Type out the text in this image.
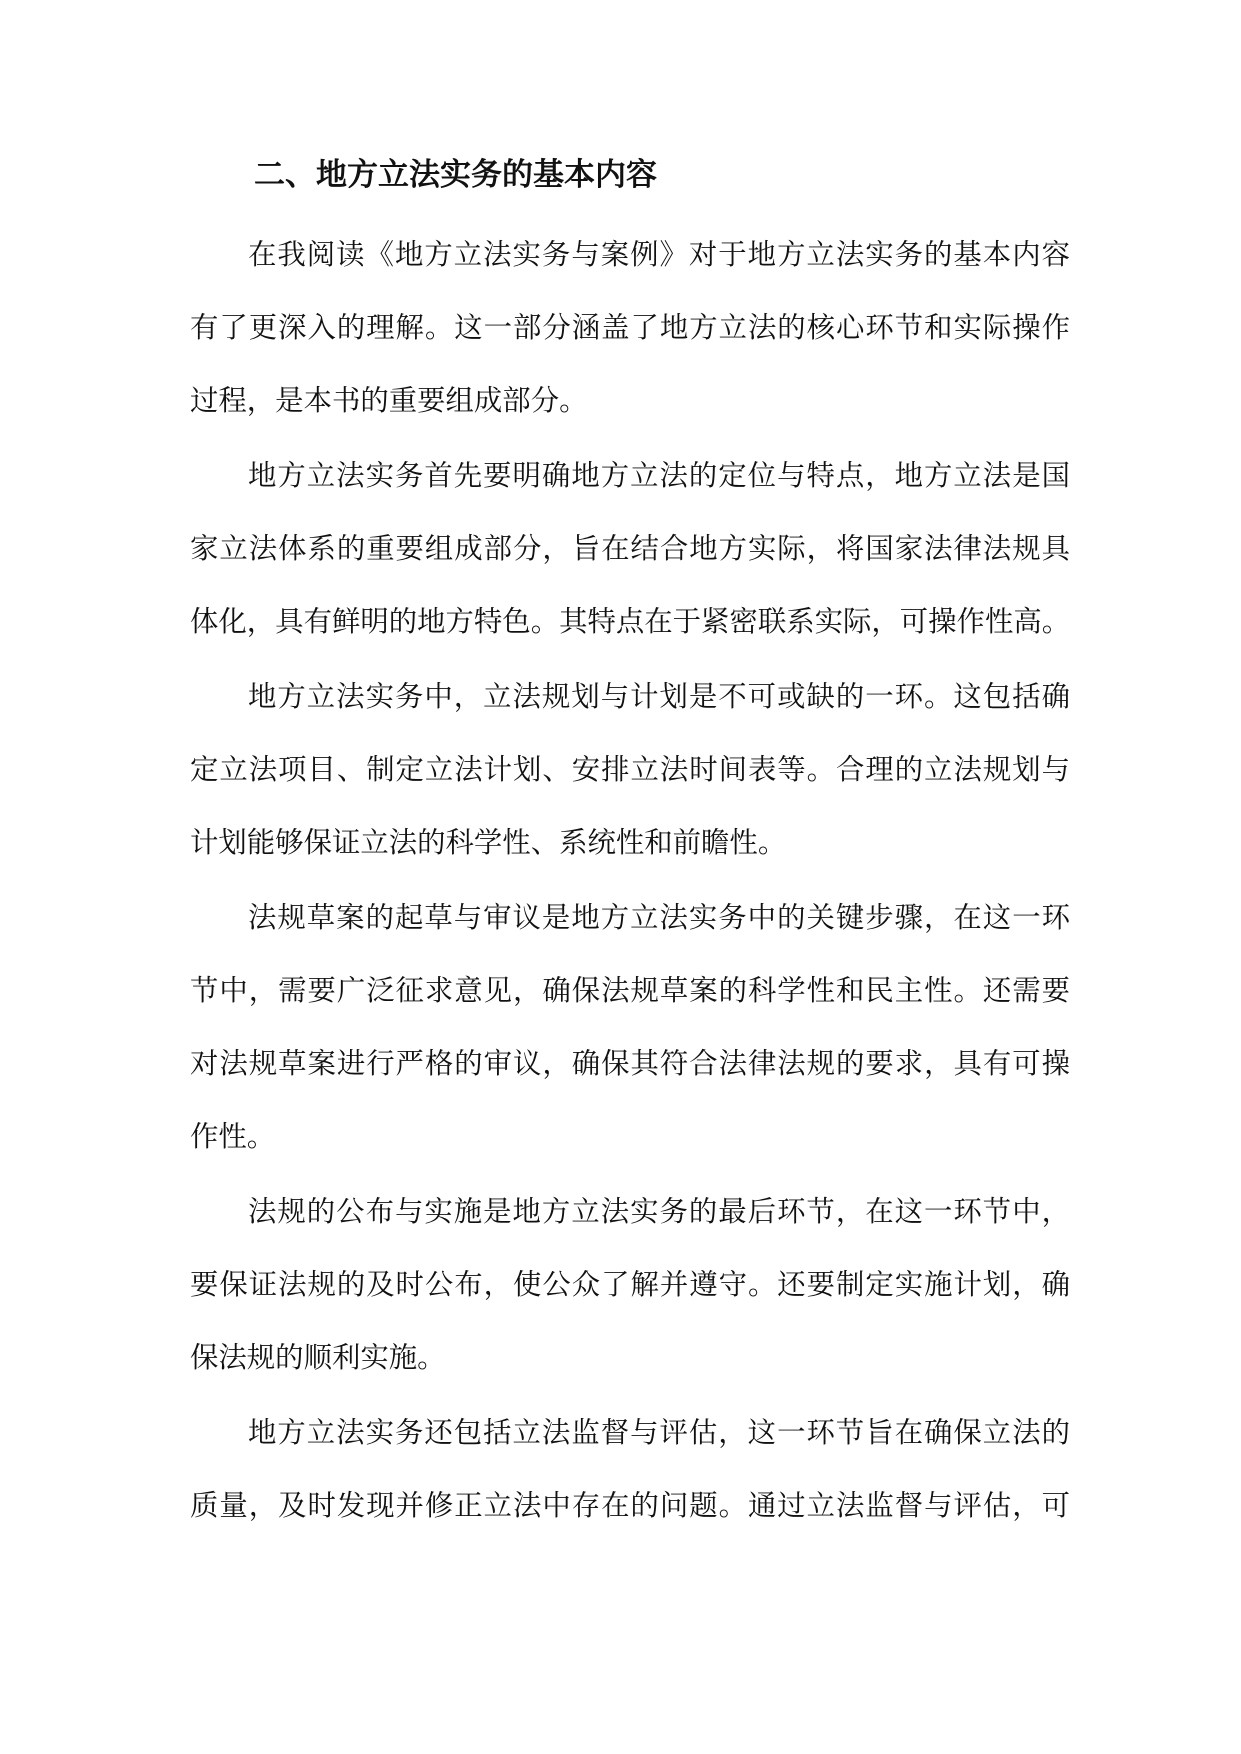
二、地方立法实务的基本内容

在我阅读《地方立法实务与案例》对于地方立法实务的基本内容

有了更深入的理解。这一部分涵盖了地方立法的核心环节和实际操作

过程，是本书的重要组成部分。

地方立法实务首先要明确地方立法的定位与特点，地方立法是国

家立法体系的重要组成部分，旨在结合地方实际，将国家法律法规具

体化，具有鲜明的地方特色。其特点在于紧密联系实际，可操作性高。

地方立法实务中，立法规划与计划是不可或缺的一环。这包括确

定立法项目、制定立法计划、安排立法时间表等。合理的立法规划与

计划能够保证立法的科学性、系统性和前瞻性。

法规草案的起草与审议是地方立法实务中的关键步骤，在这一环

节中，需要广泛征求意见，确保法规草案的科学性和民主性。还需要

对法规草案进行严格的审议，确保其符合法律法规的要求，具有可操

作性。

法规的公布与实施是地方立法实务的最后环节，在这一环节中，

要保证法规的及时公布，使公众了解并遵守。还要制定实施计划，确

保法规的顺利实施。

地方立法实务还包括立法监督与评估，这一环节旨在确保立法的

质量，及时发现并修正立法中存在的问题。通过立法监督与评估，可
